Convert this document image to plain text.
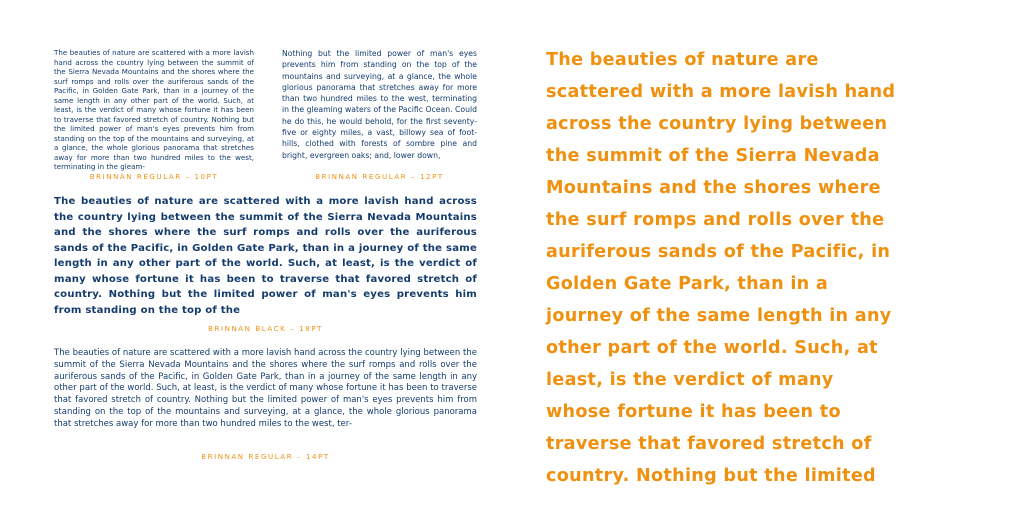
The beauties of nature are scattered with a more lavish hand across the country lying between the summit of the Sierra Nevada Mountains and the shores where the surf romps and rolls over the auriferous sands of the Pacific, in Golden Gate Park, than in a journey of the same length in any other part of the world. Such, at least, is the verdict of many whose fortune it has been to traverse that favored stretch of country. Nothing but the limited power of man's eyes prevents him from standing on the top of the mountains and surveying, at a glance, the whole glorious panorama that stretches away for more than two hundred miles to the west, terminating in the gleam-
BRINNAN REGULAR – 10PT
Nothing but the limited power of man's eyes prevents him from standing on the top of the mountains and surveying, at a glance, the whole glorious panorama that stretches away for more than two hundred miles to the west, terminating in the gleaming waters of the Pacific Ocean. Could he do this, he would behold, for the first seventy-five or eighty miles, a vast, billowy sea of foot-hills, clothed with forests of sombre pine and bright, evergreen oaks; and, lower down,
BRINNAN REGULAR – 12PT
The beauties of nature are scattered with a more lavish hand across the country lying between the summit of the Sierra Nevada Mountains and the shores where the surf romps and rolls over the auriferous sands of the Pacific, in Golden Gate Park, than in a journey of the same length in any other part of the world. Such, at least, is the verdict of many whose fortune it has been to traverse that favored stretch of country. Nothing but the limited power of man's eyes prevents him from standing on the top of the
BRINNAN BLACK – 18PT
The beauties of nature are scattered with a more lavish hand across the country lying between the summit of the Sierra Nevada Mountains and the shores where the surf romps and rolls over the auriferous sands of the Pacific, in Golden Gate Park, than in a journey of the same length in any other part of the world. Such, at least, is the verdict of many whose fortune it has been to traverse that favored stretch of country. Nothing but the limited power of man's eyes prevents him from standing on the top of the mountains and surveying, at a glance, the whole glorious panorama that stretches away for more than two hundred miles to the west, ter-
BRINNAN REGULAR – 14PT
The beauties of nature are
scattered with a more lavish hand
across the country lying between
the summit of the Sierra Nevada
Mountains and the shores where
the surf romps and rolls over the
auriferous sands of the Pacific, in
Golden Gate Park, than in a
journey of the same length in any
other part of the world. Such, at
least, is the verdict of many
whose fortune it has been to
traverse that favored stretch of
country. Nothing but the limited
